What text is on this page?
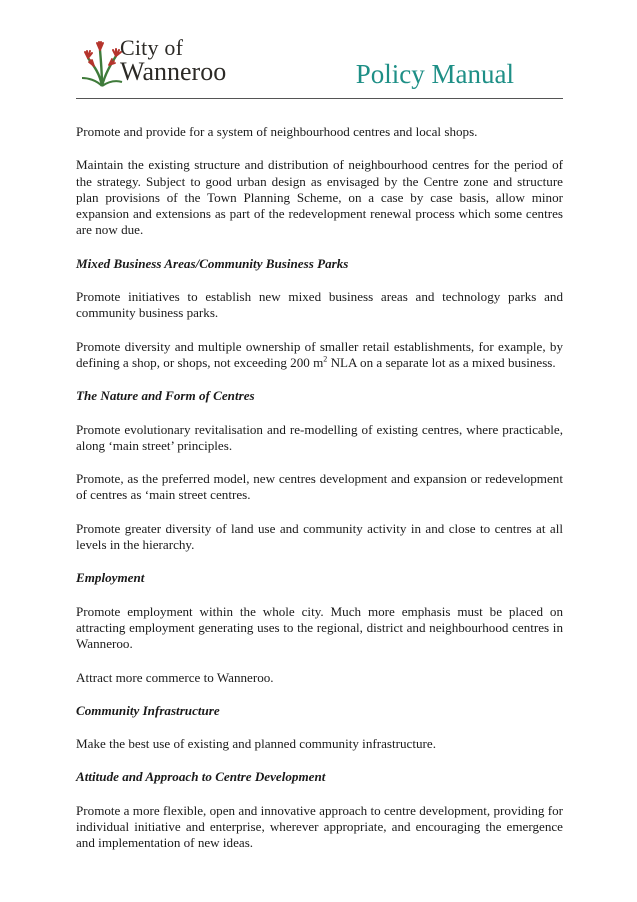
City of
Wanneroo	Policy Manual

Promote and provide for a system of neighbourhood centres and local shops.

Maintain the existing structure and distribution of neighbourhood centres for the period of the strategy. Subject to good urban design as envisaged by the Centre zone and structure plan provisions of the Town Planning Scheme, on a case by case basis, allow minor expansion and extensions as part of the redevelopment renewal process which some centres are now due.

Mixed Business Areas/Community Business Parks

Promote initiatives to establish new mixed business areas and technology parks and community business parks.

Promote diversity and multiple ownership of smaller retail establishments, for example, by defining a shop, or shops, not exceeding 200 $m^2$ NLA on a separate lot as a mixed business.

The Nature and Form of Centres

Promote evolutionary revitalisation and re-modelling of existing centres, where practicable, along ‘main street’ principles.

Promote, as the preferred model, new centres development and expansion or redevelopment of centres as ‘main street centres.

Promote greater diversity of land use and community activity in and close to centres at all levels in the hierarchy.

Employment

Promote employment within the whole city. Much more emphasis must be placed on attracting employment generating uses to the regional, district and neighbourhood centres in Wanneroo.

Attract more commerce to Wanneroo.

Community Infrastructure

Make the best use of existing and planned community infrastructure.

Attitude and Approach to Centre Development

Promote a more flexible, open and innovative approach to centre development, providing for individual initiative and enterprise, wherever appropriate, and encouraging the emergence and implementation of new ideas.
